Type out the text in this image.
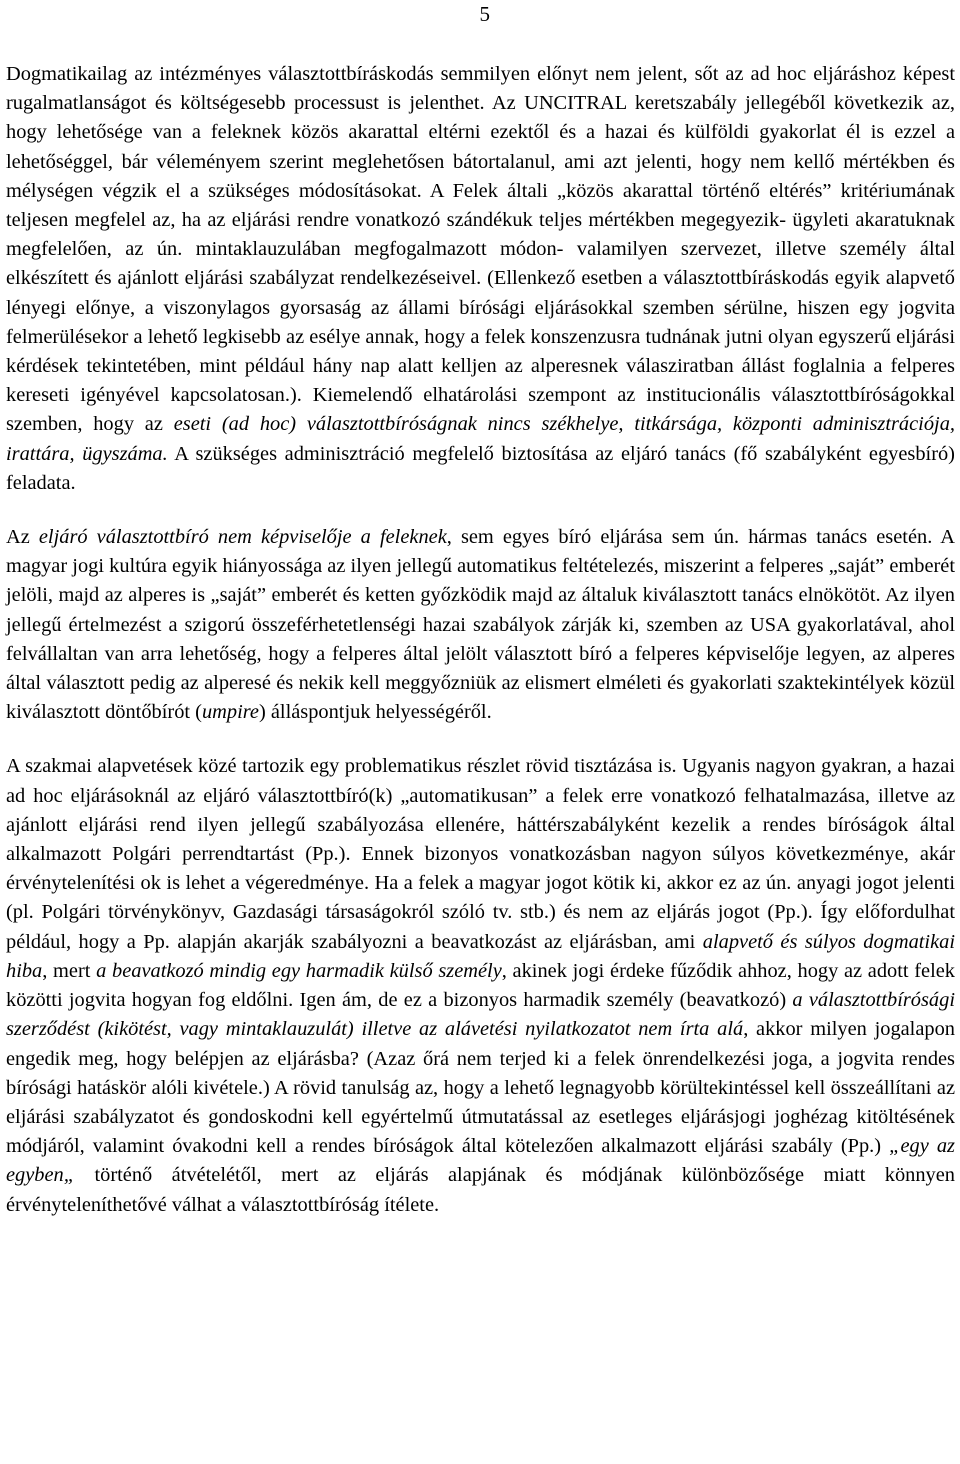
5

Dogmatikailag az intézményes választottbíráskodás semmilyen előnyt nem jelent, sőt az ad hoc eljáráshoz képest rugalmatlanságot és költségesebb processust is jelenthet. Az UNCITRAL keretszabály jellegéből következik az, hogy lehetősége van a feleknek közös akarattal eltérni ezektől és a hazai és külföldi gyakorlat él is ezzel a lehetőséggel, bár véleményem szerint meglehetősen bátortalanul, ami azt jelenti, hogy nem kellő mértékben és mélységen végzik el a szükséges módosításokat. A Felek általi „közös akarattal történő eltérés” kritériumának teljesen megfelel az, ha az eljárási rendre vonatkozó szándékuk teljes mértékben megegyezik- ügyleti akaratuknak megfelelően, az ún. mintaklauzulában megfogalmazott módon- valamilyen szervezet, illetve személy által elkészített és ajánlott eljárási szabályzat rendelkezéseivel. (Ellenkező esetben a választottbíráskodás egyik alapvető lényegi előnye, a viszonylagos gyorsaság az állami bírósági eljárásokkal szemben sérülne, hiszen egy jogvita felmerülésekor a lehető legkisebb az esélye annak, hogy a felek konszenzusra tudnának jutni olyan egyszerű eljárási kérdések tekintetében, mint például hány nap alatt kelljen az alperesnek válasziratban állást foglalnia a felperes kereseti igényével kapcsolatosan.). Kiemelendő elhatárolási szempont az institucionális választottbíróságokkal szemben, hogy az eseti (ad hoc) választottbíróságnak nincs székhelye, titkársága, központi adminisztrációja, irattára, ügyszáma. A szükséges adminisztráció megfelelő biztosítása az eljáró tanács (fő szabályként egyesbíró) feladata.

Az eljáró választottbíró nem képviselője a feleknek, sem egyes bíró eljárása sem ún. hármas tanács esetén. A magyar jogi kultúra egyik hiányossága az ilyen jellegű automatikus feltételezés, miszerint a felperes „saját” emberét jelöli, majd az alperes is „saját” emberét és ketten győzködik majd az általuk kiválasztott tanács elnökötöt. Az ilyen jellegű értelmezést a szigorú összeférhetetlenségi hazai szabályok zárják ki, szemben az USA gyakorlatával, ahol felvállaltan van arra lehetőség, hogy a felperes által jelölt választott bíró a felperes képviselője legyen, az alperes által választott pedig az alperesé és nekik kell meggyőzniük az elismert elméleti és gyakorlati szaktekintélyek közül kiválasztott döntőbírót (umpire) álláspontjuk helyességéről.

A szakmai alapvetések közé tartozik egy problematikus részlet rövid tisztázása is. Ugyanis nagyon gyakran, a hazai ad hoc eljárásoknál az eljáró választottbíró(k) „automatikusan” a felek erre vonatkozó felhatalmazása, illetve az ajánlott eljárási rend ilyen jellegű szabályozása ellenére, háttérszabályként kezelik a rendes bíróságok által alkalmazott Polgári perrendtartást (Pp.). Ennek bizonyos vonatkozásban nagyon súlyos következménye, akár érvénytelenítési ok is lehet a végeredménye. Ha a felek a magyar jogot kötik ki, akkor ez az ún. anyagi jogot jelenti (pl. Polgári törvénykönyv, Gazdasági társaságokról szóló tv. stb.) és nem az eljárás jogot (Pp.). Így előfordulhat például, hogy a Pp. alapján akarják szabályozni a beavatkozást az eljárásban, ami alapvető és súlyos dogmatikai hiba, mert a beavatkozó mindig egy harmadik külső személy, akinek jogi érdeke fűződik ahhoz, hogy az adott felek közötti jogvita hogyan fog eldőlni. Igen ám, de ez a bizonyos harmadik személy (beavatkozó) a választottbírósági szerződést (kikötést, vagy mintaklauzulát) illetve az alávetési nyilatkozatot nem írta alá, akkor milyen jogalapon engedik meg, hogy belépjen az eljárásba? (Azaz őrá nem terjed ki a felek önrendelkezési joga, a jogvita rendes bírósági hatáskör alóli kivétele.) A rövid tanulság az, hogy a lehető legnagyobb körültekintéssel kell összeállítani az eljárási szabályzatot és gondoskodni kell egyértelmű útmutatással az esetleges eljárásjogi joghézag kitöltésének módjáról, valamint óvakodni kell a rendes bíróságok által kötelezően alkalmazott eljárási szabály (Pp.) „egy az egyben„ történő átvételétől, mert az eljárás alapjának és módjának különbözősége miatt könnyen érvényteleníthetővé válhat a választottbíróság ítélete.
